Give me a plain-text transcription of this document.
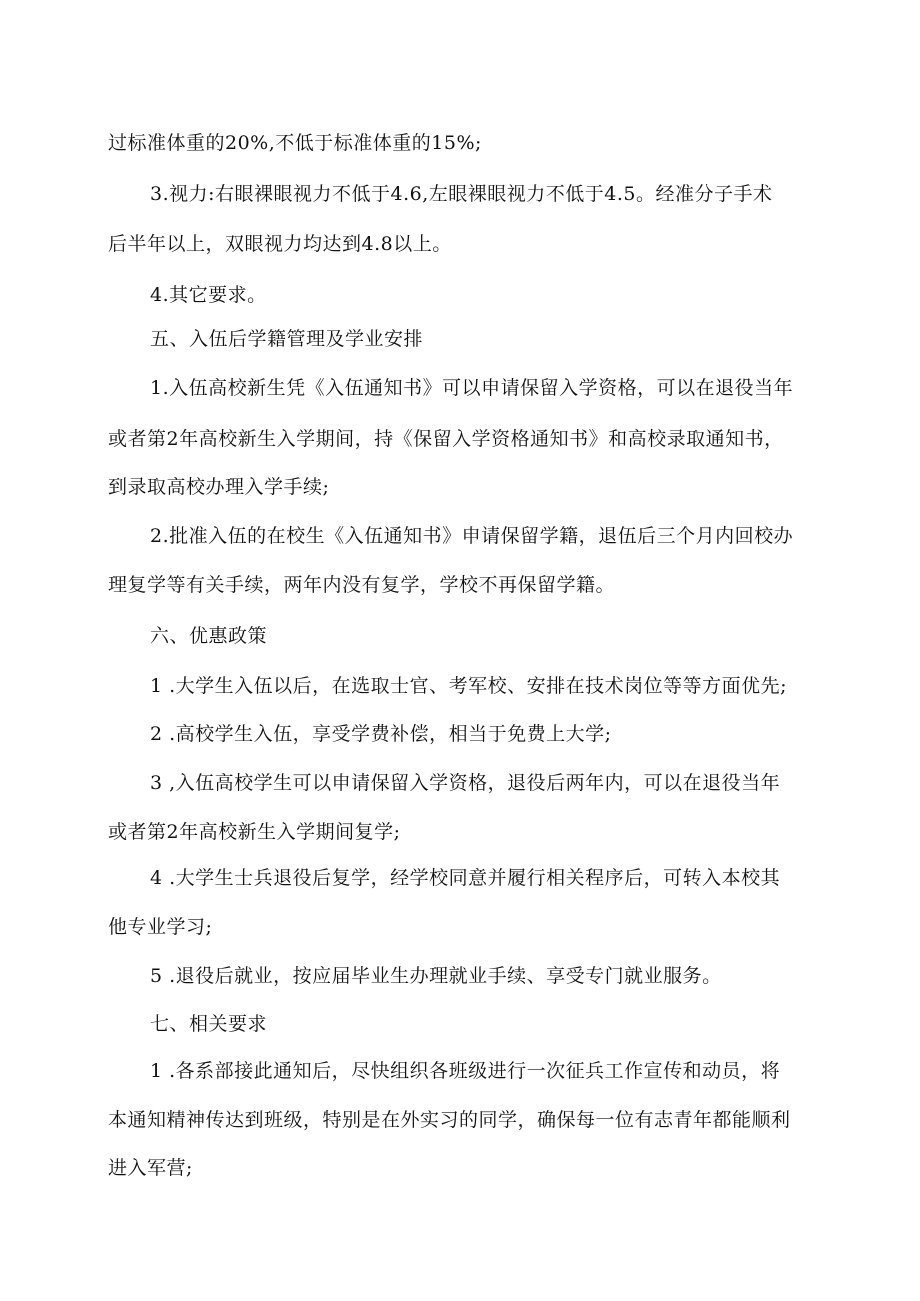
过标准体重的20%,不低于标准体重的15%;
3.视力:右眼裸眼视力不低于4.6,左眼裸眼视力不低于4.5。经准分子手术
后半年以上，双眼视力均达到4.8以上。
4.其它要求。
五、入伍后学籍管理及学业安排
1.入伍高校新生凭《入伍通知书》可以申请保留入学资格，可以在退役当年
或者第2年高校新生入学期间，持《保留入学资格通知书》和高校录取通知书，
到录取高校办理入学手续;
2.批准入伍的在校生《入伍通知书》申请保留学籍，退伍后三个月内回校办
理复学等有关手续，两年内没有复学，学校不再保留学籍。
六、优惠政策
1 .大学生入伍以后，在选取士官、考军校、安排在技术岗位等等方面优先;
2 .高校学生入伍，享受学费补偿，相当于免费上大学;
3 ,入伍高校学生可以申请保留入学资格，退役后两年内，可以在退役当年
或者第2年高校新生入学期间复学;
4 .大学生士兵退役后复学，经学校同意并履行相关程序后，可转入本校其
他专业学习;
5 .退役后就业，按应届毕业生办理就业手续、享受专门就业服务。
七、相关要求
1 .各系部接此通知后，尽快组织各班级进行一次征兵工作宣传和动员，将
本通知精神传达到班级，特别是在外实习的同学，确保每一位有志青年都能顺利
进入军营;
